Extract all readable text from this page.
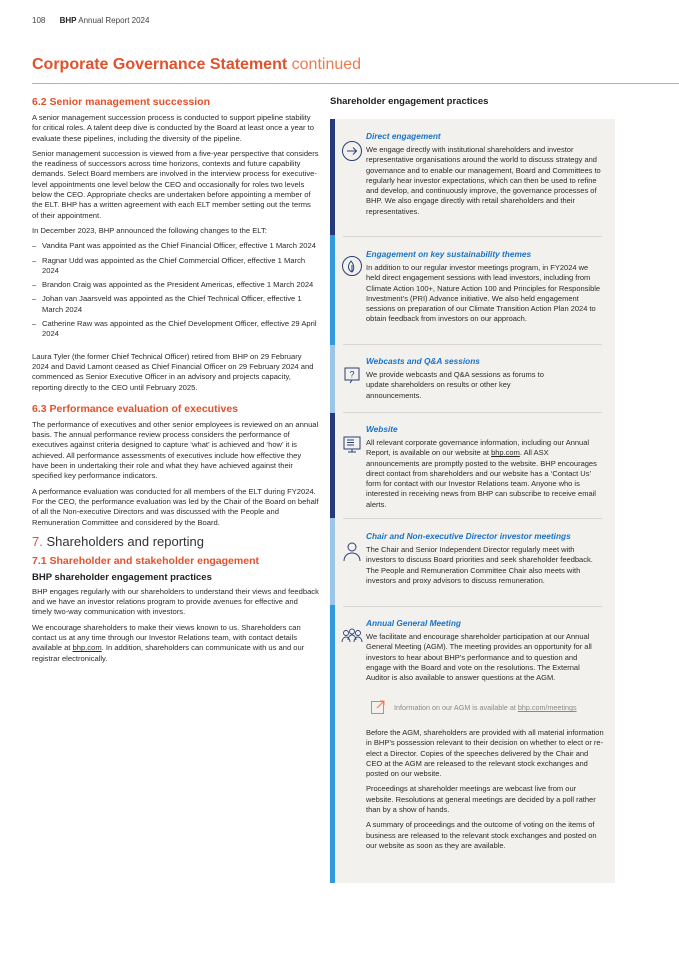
108 BHP Annual Report 2024
Corporate Governance Statement continued
6.2 Senior management succession

A senior management succession process is conducted to support pipeline stability for critical roles. A talent deep dive is conducted by the Board at least once a year to evaluate these pipelines, including the diversity of the pipeline.

Senior management succession is viewed from a five-year perspective that considers the readiness of successors across time horizons, contexts and future capability demands. Select Board members are involved in the interview process for executive-level appointments one level below the CEO and occasionally for roles two levels below the CEO. Appropriate checks are undertaken before appointing a member of the ELT. BHP has a written agreement with each ELT member setting out the terms of their appointment.

In December 2023, BHP announced the following changes to the ELT:

– Vandita Pant was appointed as the Chief Financial Officer, effective 1 March 2024
– Ragnar Udd was appointed as the Chief Commercial Officer, effective 1 March 2024
– Brandon Craig was appointed as the President Americas, effective 1 March 2024
– Johan van Jaarsveld was appointed as the Chief Technical Officer, effective 1 March 2024
– Catherine Raw was appointed as the Chief Development Officer, effective 29 April 2024

Laura Tyler (the former Chief Technical Officer) retired from BHP on 29 February 2024 and David Lamont ceased as Chief Financial Officer on 29 February 2024 and commenced as Senior Executive Officer in an advisory and projects capacity, reporting directly to the CEO until February 2025.

6.3 Performance evaluation of executives

The performance of executives and other senior employees is reviewed on an annual basis. The annual performance review process considers the performance of executives against criteria designed to capture ‘what’ is achieved and ‘how’ it is achieved. All performance assessments of executives include how effective they have been in undertaking their role and what they have achieved against their specified key performance indicators.

A performance evaluation was conducted for all members of the ELT during FY2024. For the CEO, the performance evaluation was led by the Chair of the Board on behalf of all the Non-executive Directors and was discussed with the People and Remuneration Committee and considered by the Board.

7. Shareholders and reporting
7.1 Shareholder and stakeholder engagement
BHP shareholder engagement practices

BHP engages regularly with our shareholders to understand their views and feedback and we have an investor relations program to provide avenues for effective and timely two-way communication with investors.

We encourage shareholders to make their views known to us. Shareholders can contact us at any time through our Investor Relations team, with contact details available at bhp.com. In addition, shareholders can communicate with us and our registrar electronically.

Shareholder engagement practices
?
Direct engagement

We engage directly with institutional shareholders and investor representative organisations around the world to discuss strategy and governance and to enable our management, Board and Committees to regularly hear investor expectations, which can then be used to refine and develop, and continuously improve, the governance processes of BHP. We also engage directly with retail shareholders and their representatives.

Engagement on key sustainability themes

In addition to our regular investor meetings program, in FY2024 we held direct engagement sessions with lead investors, including from Climate Action 100+, Nature Action 100 and Principles for Responsible Investment’s (PRI) Advance initiative. We also held engagement sessions on preparation of our Climate Transition Action Plan 2024 to obtain feedback from investors on our approach.

Webcasts and Q&A sessions

We provide webcasts and Q&A sessions as forums to update shareholders on results or other key announcements.

Website

All relevant corporate governance information, including our Annual Report, is available on our website at bhp.com. All ASX announcements are promptly posted to the website. BHP encourages direct contact from shareholders and our website has a ‘Contact Us’ form for contact with our Investor Relations team. Anyone who is interested in receiving news from BHP can subscribe to receive email alerts.

Chair and Non-executive Director investor meetings

The Chair and Senior Independent Director regularly meet with investors to discuss Board priorities and seek shareholder feedback. The People and Remuneration Committee Chair also meets with investors and proxy advisors to discuss remuneration.

Annual General Meeting

We facilitate and encourage shareholder participation at our Annual General Meeting (AGM). The meeting provides an opportunity for all investors to hear about BHP’s performance and to question and engage with the Board and vote on the resolutions. The External Auditor is also available to answer questions at the AGM.

Information on our AGM is available at bhp.com/meetings

Before the AGM, shareholders are provided with all material information in BHP’s possession relevant to their decision on whether to elect or re-elect a Director. Copies of the speeches delivered by the Chair and CEO at the AGM are released to the relevant stock exchanges and posted on our website.

Proceedings at shareholder meetings are webcast live from our website. Resolutions at general meetings are decided by a poll rather than by a show of hands.

A summary of proceedings and the outcome of voting on the items of business are released to the relevant stock exchanges and posted on our website as soon as they are available.
